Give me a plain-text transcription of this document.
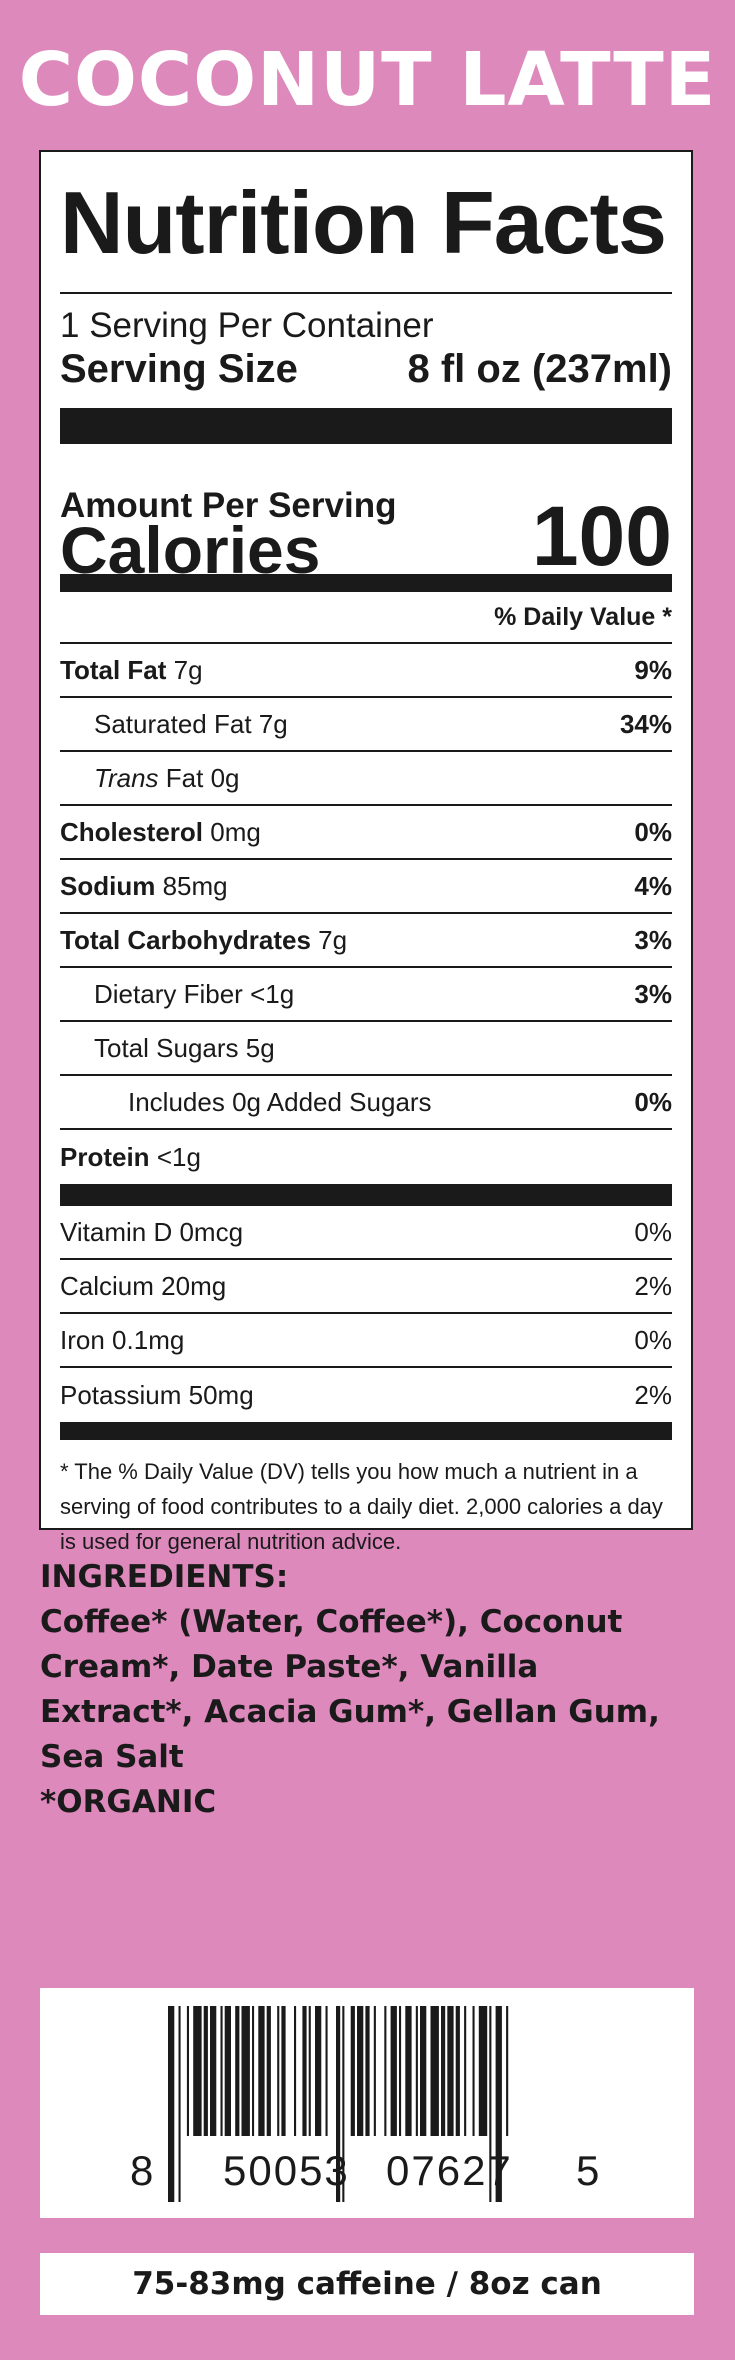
COCONUT LATTE
Nutrition Facts
1 Serving Per Container
Serving Size	8 fl oz (237ml)
Amount Per Serving
Calories	100
% Daily Value *
Total Fat 7g	9%
Saturated Fat 7g	34%
Trans Fat 0g
Cholesterol 0mg	0%
Sodium 85mg	4%
Total Carbohydrates 7g	3%
Dietary Fiber <1g	3%
Total Sugars 5g
Includes 0g Added Sugars	0%
Protein <1g
Vitamin D 0mcg	0%
Calcium 20mg	2%
Iron 0.1mg	0%
Potassium 50mg	2%
* The % Daily Value (DV) tells you how much a nutrient in a serving of food contributes to a daily diet. 2,000 calories a day is used for general nutrition advice.
INGREDIENTS:
Coffee* (Water, Coffee*), Coconut Cream*, Date Paste*, Vanilla Extract*, Acacia Gum*, Gellan Gum, Sea Salt
*ORGANIC
8 50053 07627 5
75-83mg caffeine / 8oz can
